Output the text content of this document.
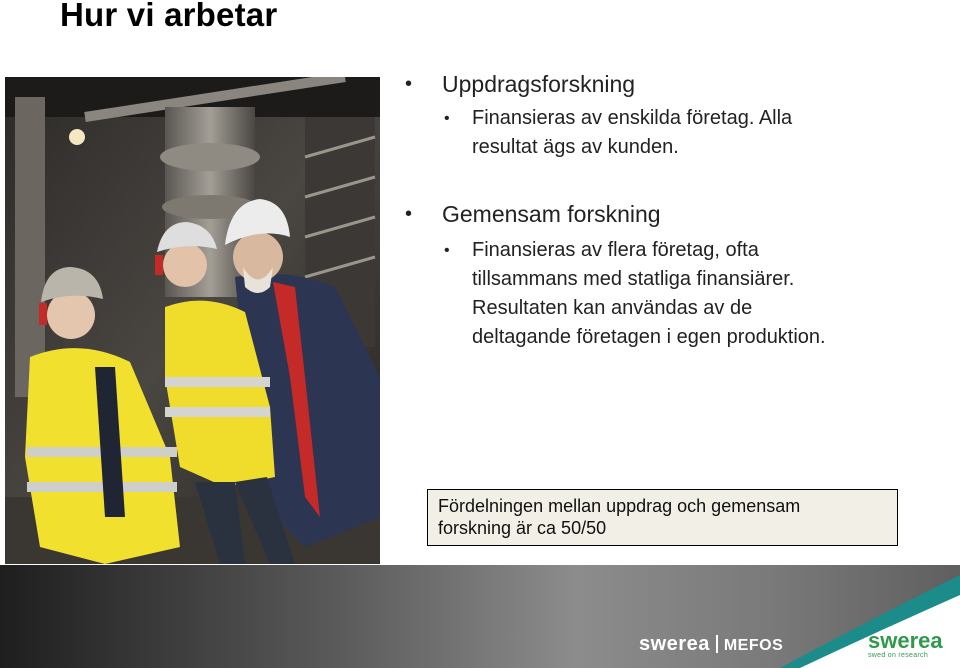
Hur vi arbetar
• Uppdragsforskning
• Finansieras av enskilda företag. Alla
resultat ägs av kunden.
• Gemensam forskning
• Finansieras av flera företag, ofta
tillsammans med statliga finansiärer.
Resultaten kan användas av de
deltagande företagen i egen produktion.
Fördelningen mellan uppdrag och gemensam
forskning är ca 50/50
swerea MEFOS	swerea
swed on research
